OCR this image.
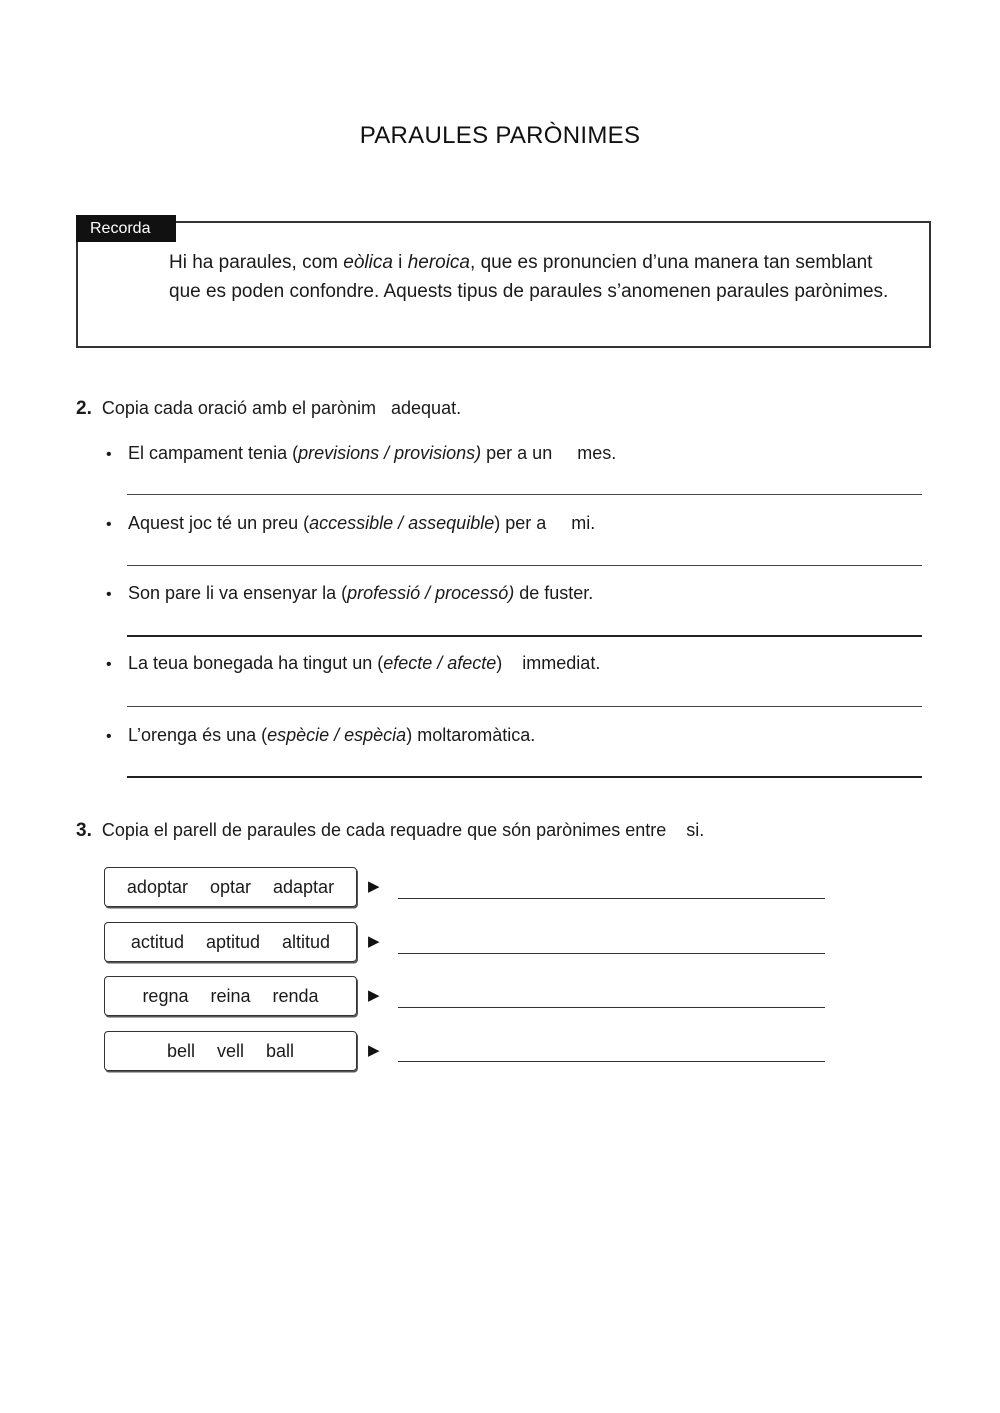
PARAULES PARÒNIMES
Recorda
Hi ha paraules, com eòlica i heroica, que es pronuncien d’una manera tan semblant que es poden confondre. Aquests tipus de paraules s’anomenen paraules parònimes.
2. Copia cada oració amb el parònim   adequat.
• El campament tenia (previsions / provisions) per a un     mes.
• Aquest joc té un preu (accessible / assequible) per a     mi.
• Son pare li va ensenyar la (professió / processó) de fuster.
• La teua bonegada ha tingut un (efecte / afecte)    immediat.
• L’orenga és una (espècie / espècia) moltaromàtica.
3. Copia el parell de paraules de cada requadre que són parònimes entre    si.
adoptar optar adaptar ▶
actitud aptitud altitud	▶
regna reina renda	▶
bell vell ball	▶
